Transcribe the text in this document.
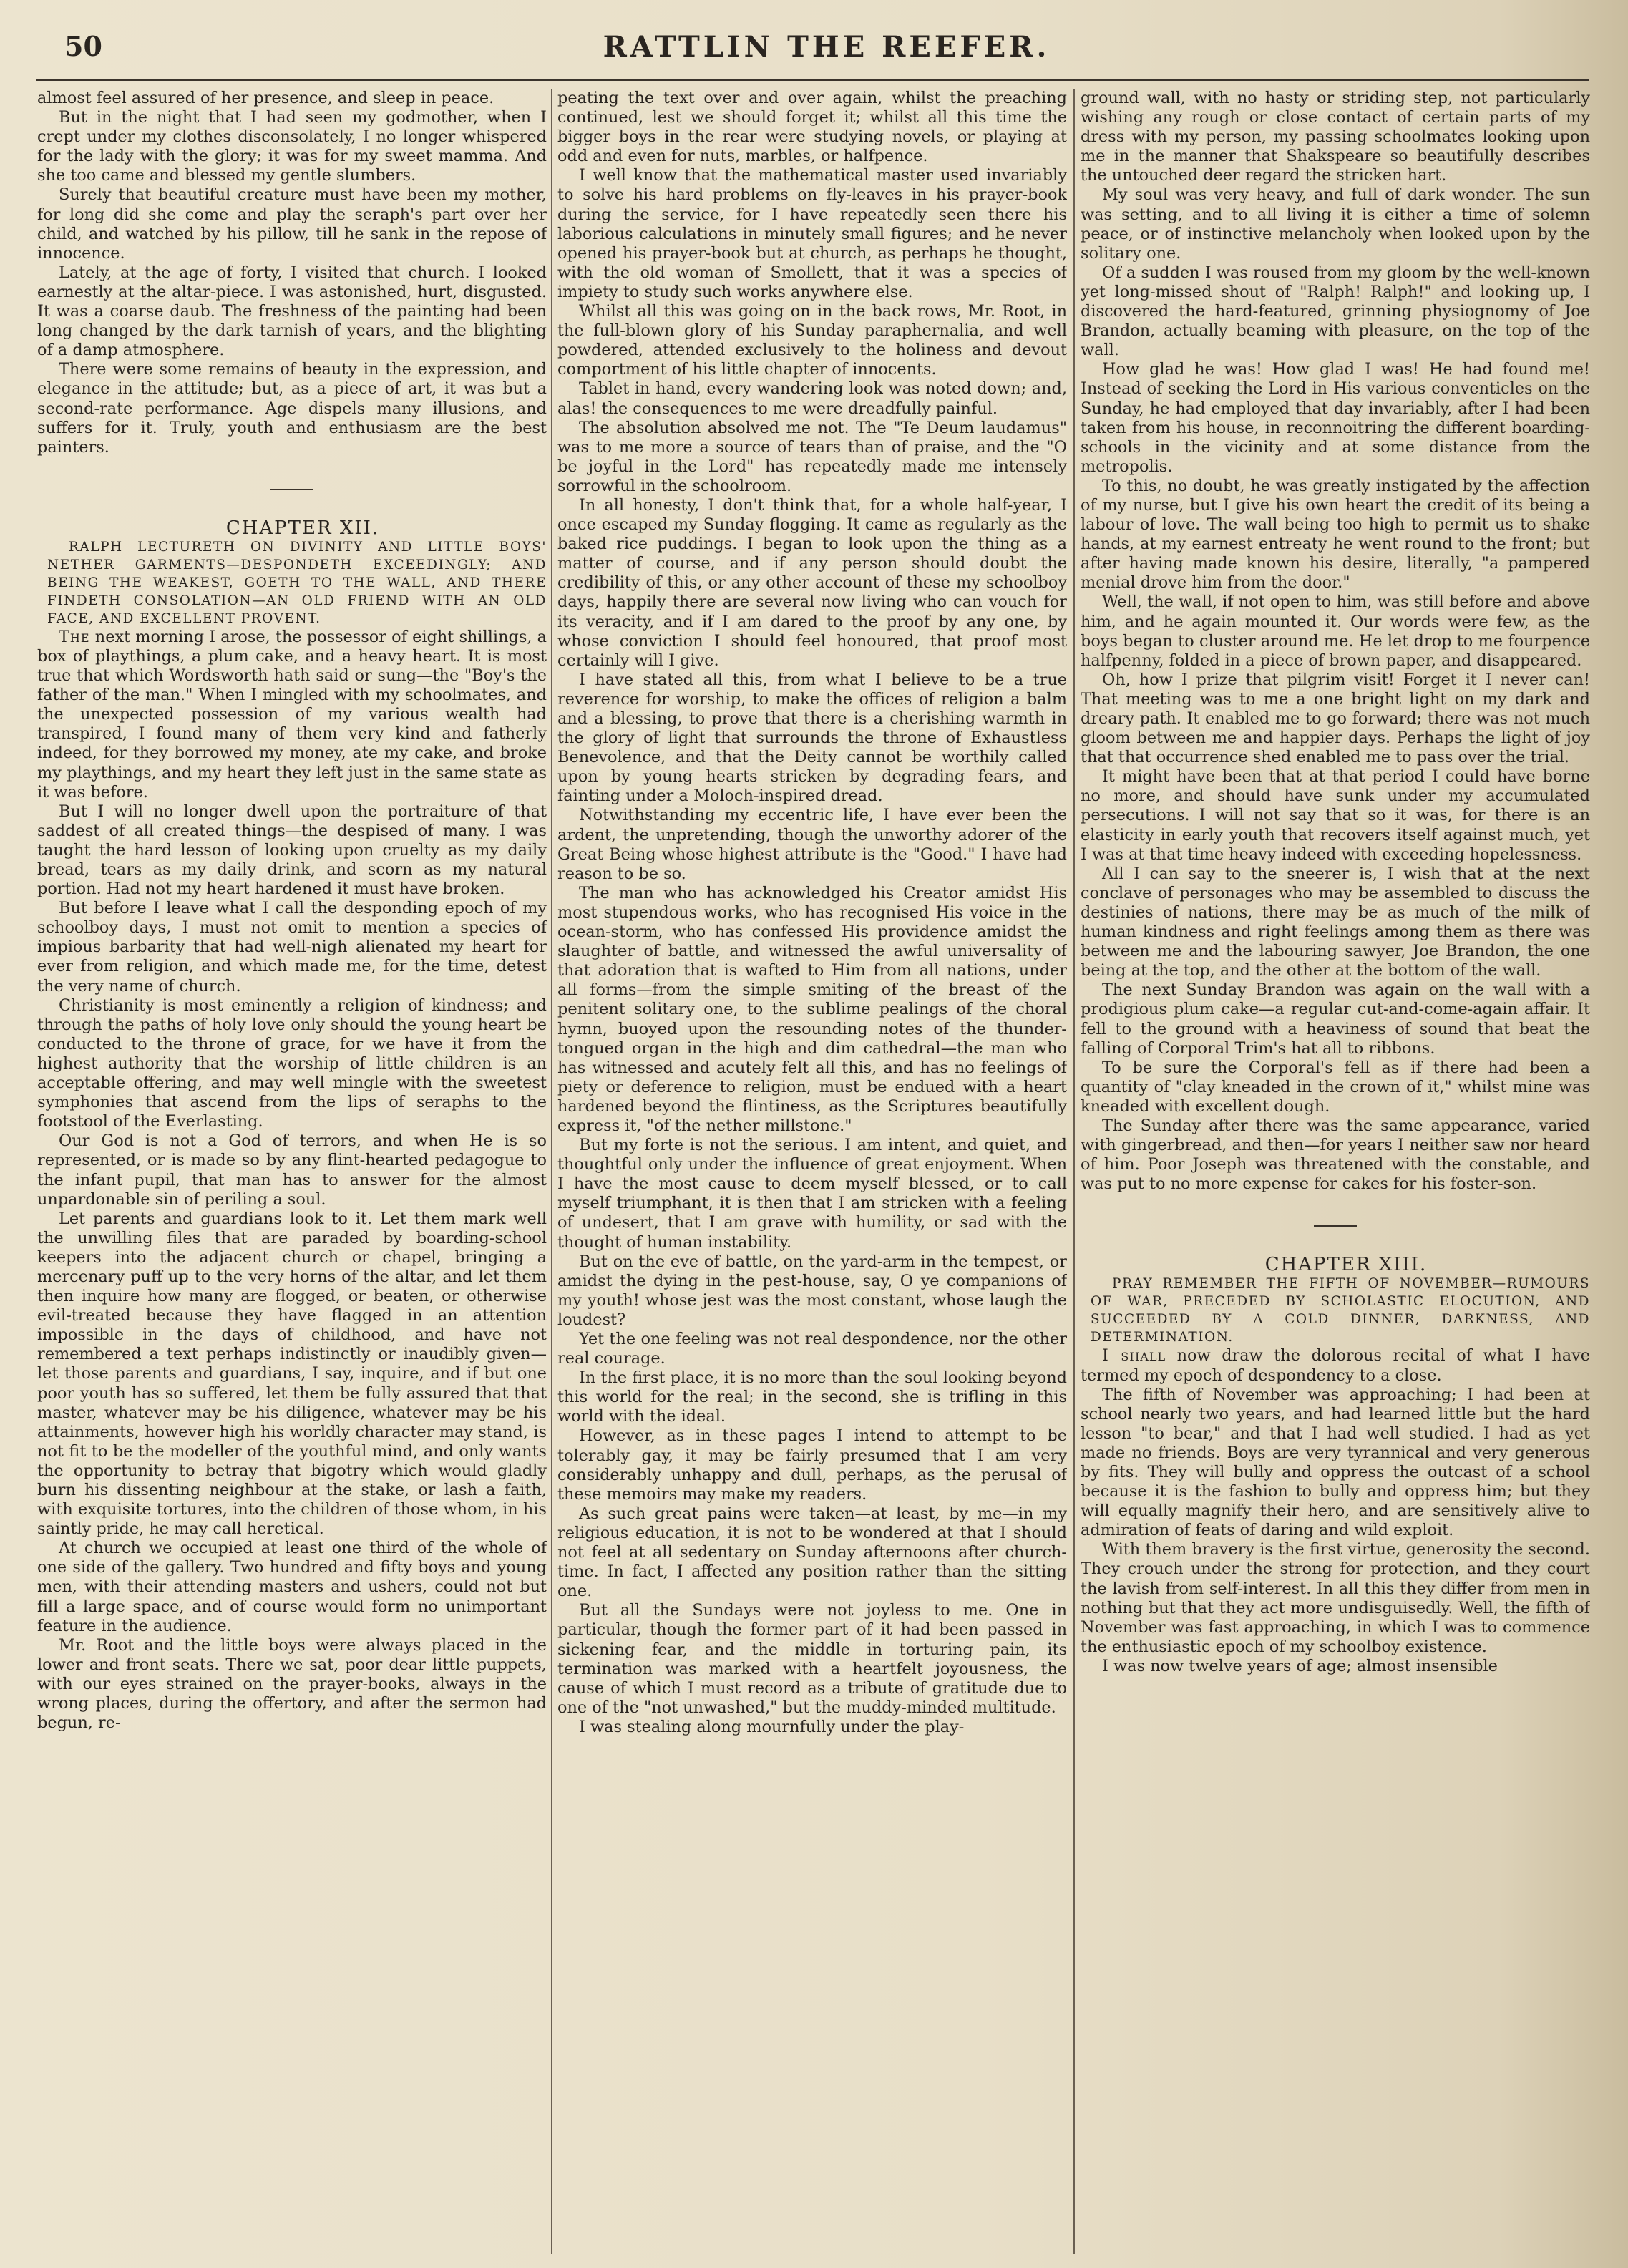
50	RATTLIN THE REEFER.

almost feel assured of her presence, and sleep in peace.

But in the night that I had seen my godmother, when I crept under my clothes disconsolately, I no longer whispered for the lady with the glory; it was for my sweet mamma. And she too came and blessed my gentle slumbers.

Surely that beautiful creature must have been my mother, for long did she come and play the seraph's part over her child, and watched by his pillow, till he sank in the repose of innocence.

Lately, at the age of forty, I visited that church. I looked earnestly at the altar-piece. I was astonished, hurt, disgusted. It was a coarse daub. The freshness of the painting had been long changed by the dark tarnish of years, and the blighting of a damp atmosphere.

There were some remains of beauty in the expression, and elegance in the attitude; but, as a piece of art, it was but a second-rate performance. Age dispels many illusions, and suffers for it. Truly, youth and enthusiasm are the best painters.

CHAPTER XII.

RALPH LECTURETH ON DIVINITY AND LITTLE BOYS' NETHER GARMENTS—DESPONDETH EXCEEDINGLY; AND BEING THE WEAKEST, GOETH TO THE WALL, AND THERE FINDETH CONSOLATION—AN OLD FRIEND WITH AN OLD FACE, AND EXCELLENT PROVENT.

The next morning I arose, the possessor of eight shillings, a box of playthings, a plum cake, and a heavy heart. It is most true that which Wordsworth hath said or sung—the "Boy's the father of the man." When I mingled with my schoolmates, and the unexpected possession of my various wealth had transpired, I found many of them very kind and fatherly indeed, for they borrowed my money, ate my cake, and broke my playthings, and my heart they left just in the same state as it was before.

But I will no longer dwell upon the portraiture of that saddest of all created things—the despised of many. I was taught the hard lesson of looking upon cruelty as my daily bread, tears as my daily drink, and scorn as my natural portion. Had not my heart hardened it must have broken.

But before I leave what I call the desponding epoch of my schoolboy days, I must not omit to mention a species of impious barbarity that had well-nigh alienated my heart for ever from religion, and which made me, for the time, detest the very name of church.

Christianity is most eminently a religion of kindness; and through the paths of holy love only should the young heart be conducted to the throne of grace, for we have it from the highest authority that the worship of little children is an acceptable offering, and may well mingle with the sweetest symphonies that ascend from the lips of seraphs to the footstool of the Everlasting.

Our God is not a God of terrors, and when He is so represented, or is made so by any flint-hearted pedagogue to the infant pupil, that man has to answer for the almost unpardonable sin of periling a soul.

Let parents and guardians look to it. Let them mark well the unwilling files that are paraded by boarding-school keepers into the adjacent church or chapel, bringing a mercenary puff up to the very horns of the altar, and let them then inquire how many are flogged, or beaten, or otherwise evil-treated because they have flagged in an attention impossible in the days of childhood, and have not remembered a text perhaps indistinctly or inaudibly given—let those parents and guardians, I say, inquire, and if but one poor youth has so suffered, let them be fully assured that that master, whatever may be his diligence, whatever may be his attainments, however high his worldly character may stand, is not fit to be the modeller of the youthful mind, and only wants the opportunity to betray that bigotry which would gladly burn his dissenting neighbour at the stake, or lash a faith, with exquisite tortures, into the children of those whom, in his saintly pride, he may call heretical.

At church we occupied at least one third of the whole of one side of the gallery. Two hundred and fifty boys and young men, with their attending masters and ushers, could not but fill a large space, and of course would form no unimportant feature in the audience.

Mr. Root and the little boys were always placed in the lower and front seats. There we sat, poor dear little puppets, with our eyes strained on the prayer-books, always in the wrong places, during the offertory, and after the sermon had begun, re-

peating the text over and over again, whilst the preaching continued, lest we should forget it; whilst all this time the bigger boys in the rear were studying novels, or playing at odd and even for nuts, marbles, or halfpence.

I well know that the mathematical master used invariably to solve his hard problems on fly-leaves in his prayer-book during the service, for I have repeatedly seen there his laborious calculations in minutely small figures; and he never opened his prayer-book but at church, as perhaps he thought, with the old woman of Smollett, that it was a species of impiety to study such works anywhere else.

Whilst all this was going on in the back rows, Mr. Root, in the full-blown glory of his Sunday paraphernalia, and well powdered, attended exclusively to the holiness and devout comportment of his little chapter of innocents.

Tablet in hand, every wandering look was noted down; and, alas! the consequences to me were dreadfully painful.

The absolution absolved me not. The "Te Deum laudamus" was to me more a source of tears than of praise, and the "O be joyful in the Lord" has repeatedly made me intensely sorrowful in the schoolroom.

In all honesty, I don't think that, for a whole half-year, I once escaped my Sunday flogging. It came as regularly as the baked rice puddings. I began to look upon the thing as a matter of course, and if any person should doubt the credibility of this, or any other account of these my schoolboy days, happily there are several now living who can vouch for its veracity, and if I am dared to the proof by any one, by whose conviction I should feel honoured, that proof most certainly will I give.

I have stated all this, from what I believe to be a true reverence for worship, to make the offices of religion a balm and a blessing, to prove that there is a cherishing warmth in the glory of light that surrounds the throne of Exhaustless Benevolence, and that the Deity cannot be worthily called upon by young hearts stricken by degrading fears, and fainting under a Moloch-inspired dread.

Notwithstanding my eccentric life, I have ever been the ardent, the unpretending, though the unworthy adorer of the Great Being whose highest attribute is the "Good." I have had reason to be so.

The man who has acknowledged his Creator amidst His most stupendous works, who has recognised His voice in the ocean-storm, who has confessed His providence amidst the slaughter of battle, and witnessed the awful universality of that adoration that is wafted to Him from all nations, under all forms—from the simple smiting of the breast of the penitent solitary one, to the sublime pealings of the choral hymn, buoyed upon the resounding notes of the thunder-tongued organ in the high and dim cathedral—the man who has witnessed and acutely felt all this, and has no feelings of piety or deference to religion, must be endued with a heart hardened beyond the flintiness, as the Scriptures beautifully express it, "of the nether millstone."

But my forte is not the serious. I am intent, and quiet, and thoughtful only under the influence of great enjoyment. When I have the most cause to deem myself blessed, or to call myself triumphant, it is then that I am stricken with a feeling of undesert, that I am grave with humility, or sad with the thought of human instability.

But on the eve of battle, on the yard-arm in the tempest, or amidst the dying in the pest-house, say, O ye companions of my youth! whose jest was the most constant, whose laugh the loudest?

Yet the one feeling was not real despondence, nor the other real courage.

In the first place, it is no more than the soul looking beyond this world for the real; in the second, she is trifling in this world with the ideal.

However, as in these pages I intend to attempt to be tolerably gay, it may be fairly presumed that I am very considerably unhappy and dull, perhaps, as the perusal of these memoirs may make my readers.

As such great pains were taken—at least, by me—in my religious education, it is not to be wondered at that I should not feel at all sedentary on Sunday afternoons after church-time. In fact, I affected any position rather than the sitting one.

But all the Sundays were not joyless to me. One in particular, though the former part of it had been passed in sickening fear, and the middle in torturing pain, its termination was marked with a heartfelt joyousness, the cause of which I must record as a tribute of gratitude due to one of the "not unwashed," but the muddy-minded multitude.

I was stealing along mournfully under the play-

ground wall, with no hasty or striding step, not particularly wishing any rough or close contact of certain parts of my dress with my person, my passing schoolmates looking upon me in the manner that Shakspeare so beautifully describes the untouched deer regard the stricken hart.

My soul was very heavy, and full of dark wonder. The sun was setting, and to all living it is either a time of solemn peace, or of instinctive melancholy when looked upon by the solitary one.

Of a sudden I was roused from my gloom by the well-known yet long-missed shout of "Ralph! Ralph!" and looking up, I discovered the hard-featured, grinning physiognomy of Joe Brandon, actually beaming with pleasure, on the top of the wall.

How glad he was! How glad I was! He had found me! Instead of seeking the Lord in His various conventicles on the Sunday, he had employed that day invariably, after I had been taken from his house, in reconnoitring the different boarding-schools in the vicinity and at some distance from the metropolis.

To this, no doubt, he was greatly instigated by the affection of my nurse, but I give his own heart the credit of its being a labour of love. The wall being too high to permit us to shake hands, at my earnest entreaty he went round to the front; but after having made known his desire, literally, "a pampered menial drove him from the door."

Well, the wall, if not open to him, was still before and above him, and he again mounted it. Our words were few, as the boys began to cluster around me. He let drop to me fourpence halfpenny, folded in a piece of brown paper, and disappeared.

Oh, how I prize that pilgrim visit! Forget it I never can! That meeting was to me a one bright light on my dark and dreary path. It enabled me to go forward; there was not much gloom between me and happier days. Perhaps the light of joy that that occurrence shed enabled me to pass over the trial.

It might have been that at that period I could have borne no more, and should have sunk under my accumulated persecutions. I will not say that so it was, for there is an elasticity in early youth that recovers itself against much, yet I was at that time heavy indeed with exceeding hopelessness.

All I can say to the sneerer is, I wish that at the next conclave of personages who may be assembled to discuss the destinies of nations, there may be as much of the milk of human kindness and right feelings among them as there was between me and the labouring sawyer, Joe Brandon, the one being at the top, and the other at the bottom of the wall.

The next Sunday Brandon was again on the wall with a prodigious plum cake—a regular cut-and-come-again affair. It fell to the ground with a heaviness of sound that beat the falling of Corporal Trim's hat all to ribbons.

To be sure the Corporal's fell as if there had been a quantity of "clay kneaded in the crown of it," whilst mine was kneaded with excellent dough.

The Sunday after there was the same appearance, varied with gingerbread, and then—for years I neither saw nor heard of him. Poor Joseph was threatened with the constable, and was put to no more expense for cakes for his foster-son.

CHAPTER XIII.

PRAY REMEMBER THE FIFTH OF NOVEMBER—RUMOURS OF WAR, PRECEDED BY SCHOLASTIC ELOCUTION, AND SUCCEEDED BY A COLD DINNER, DARKNESS, AND DETERMINATION.

I shall now draw the dolorous recital of what I have termed my epoch of despondency to a close.

The fifth of November was approaching; I had been at school nearly two years, and had learned little but the hard lesson "to bear," and that I had well studied. I had as yet made no friends. Boys are very tyrannical and very generous by fits. They will bully and oppress the outcast of a school because it is the fashion to bully and oppress him; but they will equally magnify their hero, and are sensitively alive to admiration of feats of daring and wild exploit.

With them bravery is the first virtue, generosity the second. They crouch under the strong for protection, and they court the lavish from self-interest. In all this they differ from men in nothing but that they act more undisguisedly. Well, the fifth of November was fast approaching, in which I was to commence the enthusiastic epoch of my schoolboy existence.

I was now twelve years of age; almost insensible
